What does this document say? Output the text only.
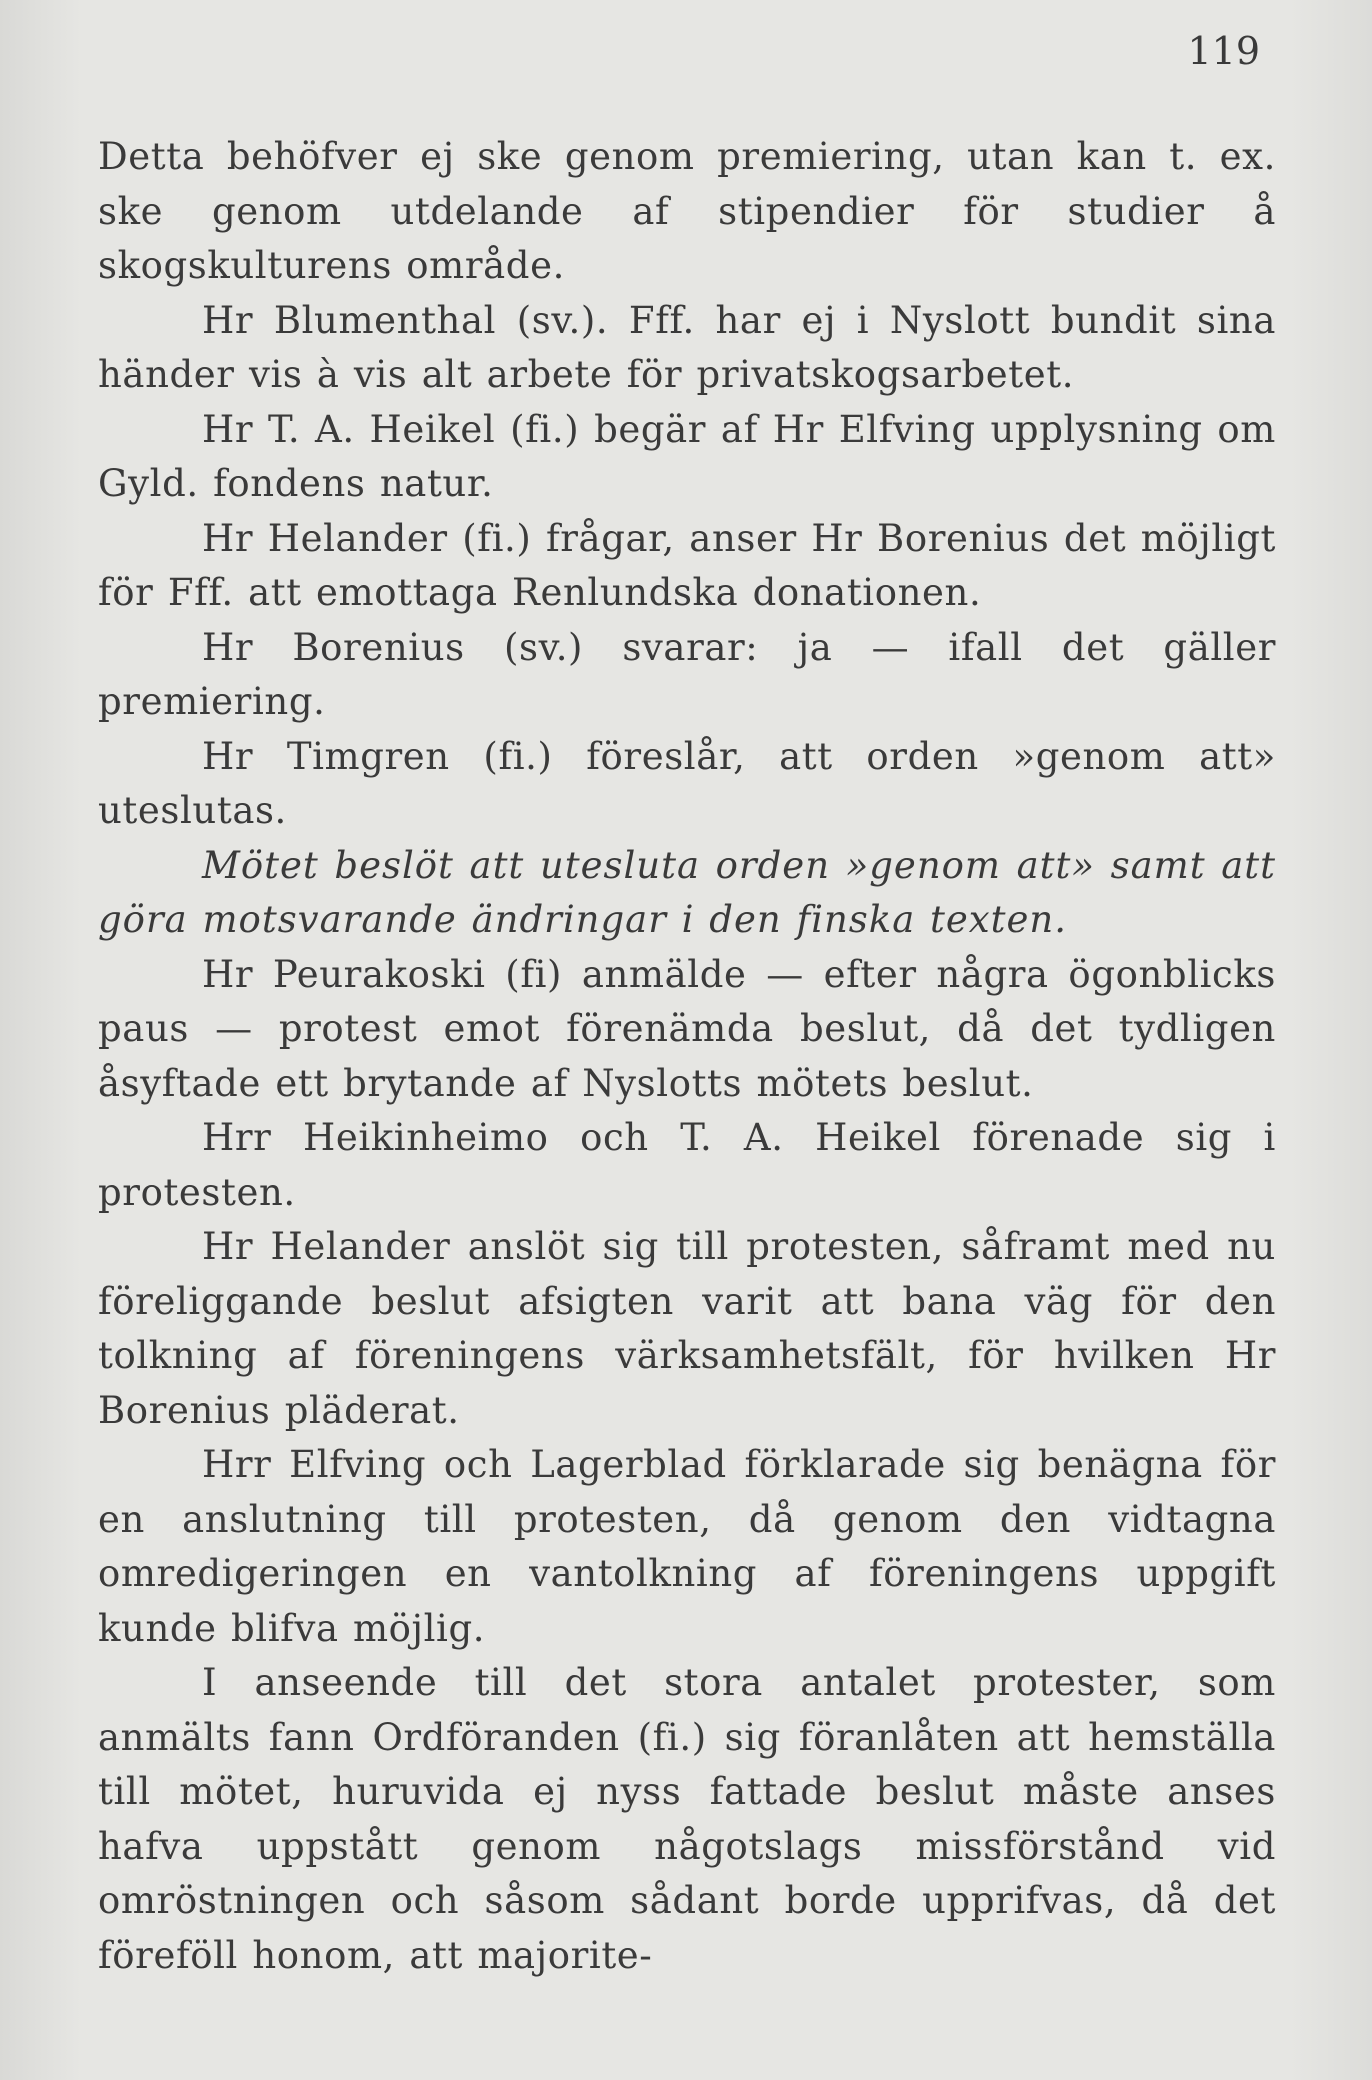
119

Detta behöfver ej ske genom premiering, utan kan t. ex. ske genom utdelande af stipendier för studier å skogskulturens område.

Hr Blumenthal (sv.). Fff. har ej i Nyslott bundit sina händer vis à vis alt arbete för privatskogsarbetet.

Hr T. A. Heikel (fi.) begär af Hr Elfving upplysning om Gyld. fondens natur.

Hr Helander (fi.) frågar, anser Hr Borenius det möjligt för Fff. att emottaga Renlundska donationen.

Hr Borenius (sv.) svarar: ja — ifall det gäller premiering.

Hr Timgren (fi.) föreslår, att orden »genom att» uteslutas.

Mötet beslöt att utesluta orden »genom att» samt att göra motsvarande ändringar i den finska texten.

Hr Peurakoski (fi) anmälde — efter några ögonblicks paus — protest emot förenämda beslut, då det tydligen åsyftade ett brytande af Nyslotts mötets beslut.

Hrr Heikinheimo och T. A. Heikel förenade sig i protesten.

Hr Helander anslöt sig till protesten, såframt med nu föreliggande beslut afsigten varit att bana väg för den tolkning af föreningens värksamhetsfält, för hvilken Hr Borenius pläderat.

Hrr Elfving och Lagerblad förklarade sig benägna för en anslutning till protesten, då genom den vidtagna omredigeringen en vantolkning af föreningens uppgift kunde blifva möjlig.

I anseende till det stora antalet protester, som anmälts fann Ordföranden (fi.) sig föranlåten att hemställa till mötet, huruvida ej nyss fattade beslut måste anses hafva uppstått genom någotslags missförstånd vid omröstningen och såsom sådant borde upprifvas, då det föreföll honom, att majorite-
